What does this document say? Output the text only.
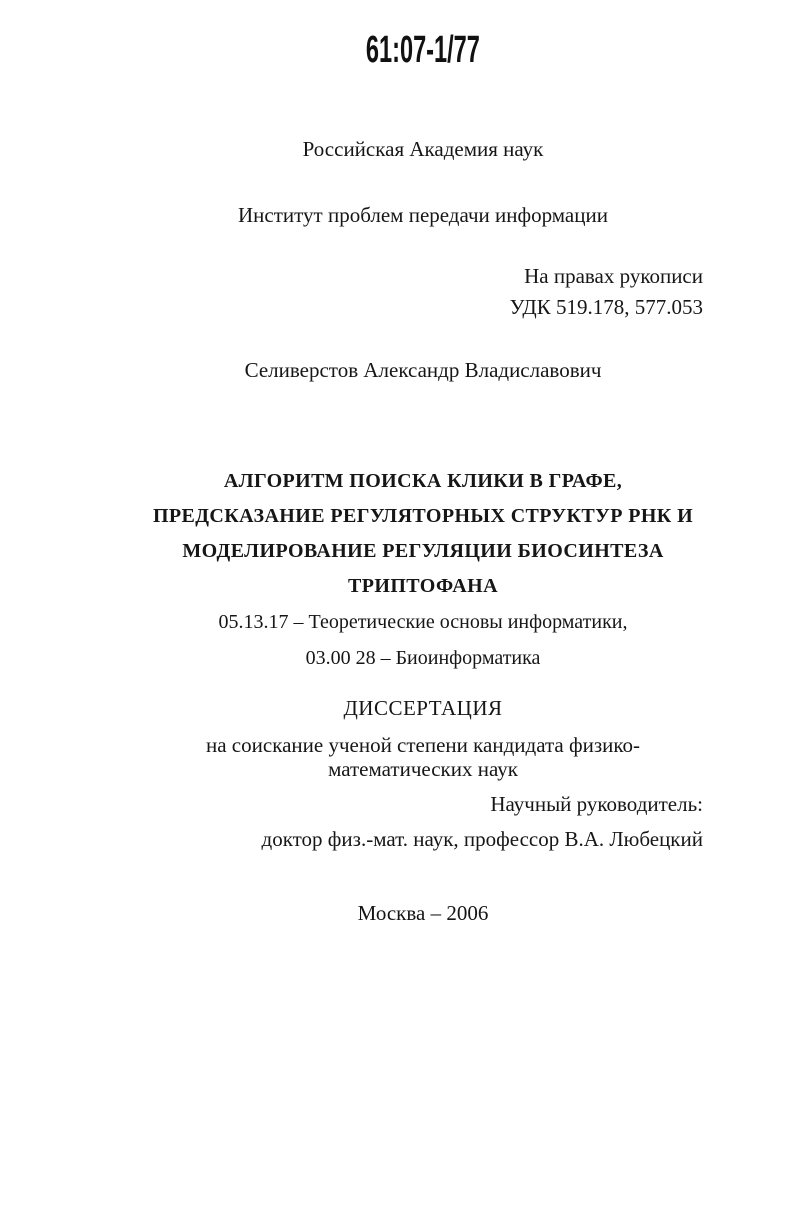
61:07-1/77
Российская Академия наук
Институт проблем передачи информации
На правах рукописи
УДК 519.178, 577.053
Селиверстов Александр Владиславович
АЛГОРИТМ ПОИСКА КЛИКИ В ГРАФЕ,
ПРЕДСКАЗАНИЕ РЕГУЛЯТОРНЫХ СТРУКТУР РНК И
МОДЕЛИРОВАНИЕ РЕГУЛЯЦИИ БИОСИНТЕЗА ТРИПТОФАНА
05.13.17 – Теоретические основы информатики,
03.00 28 – Биоинформатика
ДИССЕРТАЦИЯ
на соискание ученой степени кандидата физико-математических наук
Научный руководитель:
доктор физ.-мат. наук, профессор В.А. Любецкий
Москва – 2006
